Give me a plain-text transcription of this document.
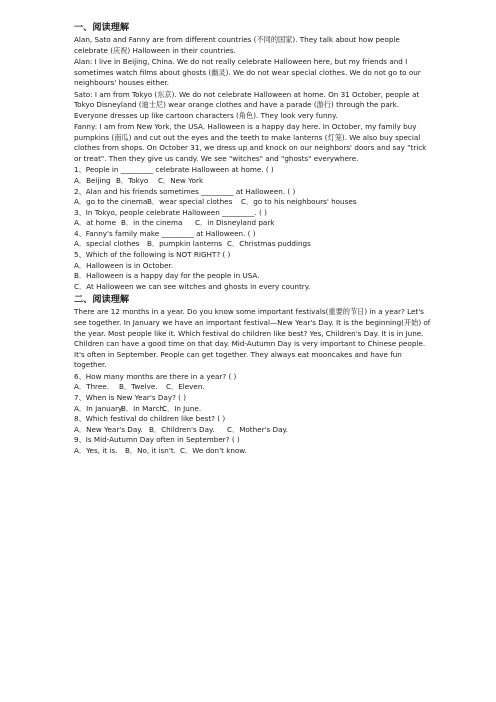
一、阅读理解

Alan, Sato and Fanny are from different countries (不同的国家). They talk about how people celebrate (庆祝) Halloween in their countries.

Alan: I live in Beijing, China. We do not really celebrate Halloween here, but my friends and I sometimes watch films about ghosts (幽灵). We do not wear special clothes. We do not go to our neighbours' houses either.

Sato: I am from Tokyo (东京). We do not celebrate Halloween at home. On 31 October, people at Tokyo Disneyland (迪士尼) wear orange clothes and have a parade (游行) through the park. Everyone dresses up like cartoon characters (角色). They look very funny.

Fanny: I am from New York, the USA. Halloween is a happy day here. In October, my family buy pumpkins (南瓜) and cut out the eyes and the teeth to make lanterns (灯笼). We also buy special clothes from shops. On October 31, we dress up and knock on our neighbors' doors and say "trick or treat". Then they give us candy. We see "witches" and "ghosts" everywhere.

1、People in _________ celebrate Halloween at home. ( )

A．Beijing B．Tokyo	C．New York

2、Alan and his friends sometimes _________ at Halloween. ( )

A．go to the cinema B．wear special clothes	C．go to his neighbours' houses

3、In Tokyo, people celebrate Halloween _________. ( )

A．at home B．in the cinema	C．in Disneyland park

4、Fanny's family make _________ at Halloween. ( )

A．special clothes	B．pumpkin lanterns C．Christmas puddings

5、Which of the following is NOT RIGHT? ( )

A．Halloween is in October.

B．Halloween is a happy day for the people in USA.

C．At Halloween we can see witches and ghosts in every country.

二、阅读理解

There are 12 months in a year. Do you know some important festivals(重要的节日) in a year? Let's see together. In January we have an important festival—New Year's Day. It is the beginning(开始) of the year. Most people like it. Which festival do children like best? Yes, Children's Day. It is in June. Children can have a good time on that day. Mid-Autumn Day is very important to Chinese people. It's often in September. People can get together. They always eat mooncakes and have fun together.

6、How many months are there in a year? ( )

A．Three.	B．Twelve.	C．Eleven.

7、When is New Year's Day? ( )

A．In January.
B．In March.
C．In June.

8、Which festival do children like best? ( )

A．New Year's Day. B．Children's Day.	C．Mother's Day.

9、Is Mid-Autumn Day often in September? ( )

A．Yes, it is.	B．No, it isn't. C．We don't know.
